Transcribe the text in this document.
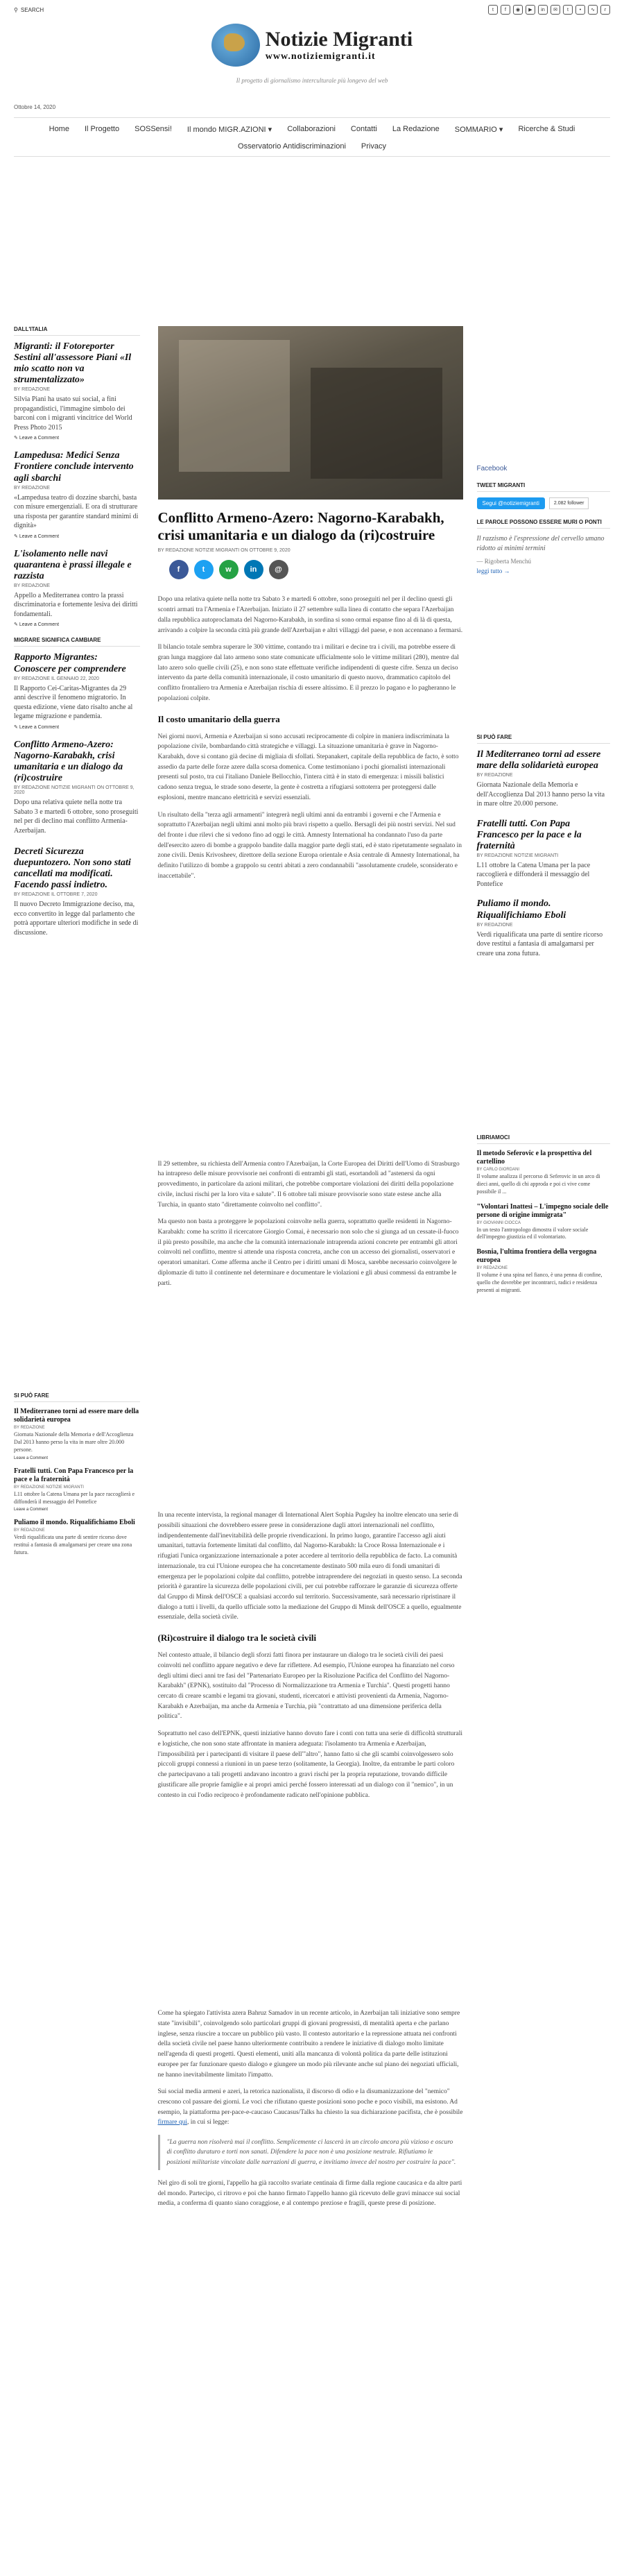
⚲ SEARCH	t	f	◉	▶	in	✉	t	•	∿	r
Notizie Migranti
www.notiziemigranti.it
Il progetto di giornalismo interculturale più longevo del web
Ottobre 14, 2020
Home Il Progetto SOSSensi! Il mondo MIGR.AZIONI ▾ Collaborazioni Contatti La Redazione SOMMARIO ▾ Ricerche & Studi
Osservatorio Antidiscriminazioni Privacy
DALL'ITALIA
Migranti: il Fotoreporter Sestini all'assessore Piani «Il mio scatto non va strumentalizzato»
BY REDAZIONE

Silvia Piani ha usato sui social, a fini propagandistici, l'immagine simbolo dei barconi con i migranti vincitrice del World Press Photo 2015

✎ Leave a Comment
Lampedusa: Medici Senza Frontiere conclude intervento agli sbarchi
BY REDAZIONE

«Lampedusa teatro di dozzine sbarchi, basta con misure emergenziali. E ora di strutturare una risposta per garantire standard minimi di dignità»

✎ Leave a Comment
L'isolamento nelle navi quarantena è prassi illegale e razzista
BY REDAZIONE

Appello a Mediterranea contro la prassi discriminatoria e fortemente lesiva dei diritti fondamentali.

✎ Leave a Comment
MIGRARE SIGNIFICA CAMBIARE
Rapporto Migrantes: Conoscere per comprendere
BY REDAZIONE IL GENNAIO 22, 2020

Il Rapporto Cei-Caritas-Migrantes da 29 anni descrive il fenomeno migratorio. In questa edizione, viene dato risalto anche al legame migrazione e pandemia.

✎ Leave a Comment
Conflitto Armeno-Azero: Nagorno-Karabakh, crisi umanitaria e un dialogo da (ri)costruire
BY REDAZIONE NOTIZIE MIGRANTI ON OTTOBRE 9, 2020

Dopo una relativa quiete nella notte tra Sabato 3 e martedì 6 ottobre, sono proseguiti nel per di declino mai conflitto Armenia-Azerbaijan.

Decreti Sicurezza duepuntozero. Non sono stati cancellati ma modificati. Facendo passi indietro.
BY REDAZIONE IL OTTOBRE 7, 2020

Il nuovo Decreto Immigrazione deciso, ma, ecco convertito in legge dal parlamento che potrà apportare ulteriori modifiche in sede di discussione.

SI PUÒ FARE
Il Mediterraneo torni ad essere mare della solidarietà europea
BY REDAZIONE

Giornata Nazionale della Memoria e dell'Accoglienza Dal 2013 hanno perso la vita in mare oltre 20.000 persone.

Leave a Comment
Fratelli tutti. Con Papa Francesco per la pace e la fraternità
BY REDAZIONE NOTIZIE MIGRANTI

L11 ottobre la Catena Umana per la pace raccoglierà e diffonderà il messaggio del Pontefice

Leave a Comment
Puliamo il mondo. Riqualifichiamo Eboli
BY REDAZIONE

Verdi riqualificata una parte di sentire ricorso dove restituì a fantasia di amalgamarsi per creare una zona futura.

Conflitto Armeno-Azero: Nagorno-Karabakh, crisi umanitaria e un dialogo da (ri)costruire
BY REDAZIONE NOTIZIE MIGRANTI ON OTTOBRE 9, 2020
f	t	w	in	@

Dopo una relativa quiete nella notte tra Sabato 3 e martedì 6 ottobre, sono proseguiti nel per il declino questi gli scontri armati tra l'Armenia e l'Azerbaijan. Iniziato il 27 settembre sulla linea di contatto che separa l'Azerbaijan dalla repubblica autoproclamata del Nagorno-Karabakh, in sordina si sono ormai espanse fino al di là di questa, arrivando a colpire la seconda città più grande dell'Azerbaijan e altri villaggi del paese, e non accennano a fermarsi.

Il bilancio totale sembra superare le 300 vittime, contando tra i militari e decine tra i civili, ma potrebbe essere di gran lunga maggiore dal lato armeno sono state comunicate ufficialmente solo le vittime militari (280), mentre dal lato azero solo quelle civili (25), e non sono state effettuate verifiche indipendenti di queste cifre. Senza un deciso intervento da parte della comunità internazionale, il costo umanitario di questo nuovo, drammatico capitolo del conflitto frontaliero tra Armenia e Azerbaijan rischia di essere altissimo. E il prezzo lo pagano e lo pagheranno le popolazioni colpite.

Il costo umanitario della guerra

Nei giorni nuovi, Armenia e Azerbaijan si sono accusati reciprocamente di colpire in maniera indiscriminata la popolazione civile, bombardando città strategiche e villaggi. La situazione umanitaria è grave in Nagorno-Karabakh, dove si contano già decine di migliaia di sfollati. Stepanakert, capitale della repubblica de facto, è sotto assedio da parte delle forze azere dalla scorsa domenica. Come testimoniano i pochi giornalisti internazionali presenti sul posto, tra cui l'italiano Daniele Bellocchio, l'intera città è in stato di emergenza: i missili balistici cadono senza tregua, le strade sono deserte, la gente è costretta a rifugiarsi sottoterra per proteggersi dalle esplosioni, mentre mancano elettricità e servizi essenziali.

Un risultato della "terza agli armamenti" integrerà negli ultimi anni da entrambi i governi e che l'Armenia e soprattutto l'Azerbaijan negli ultimi anni molto più bravi rispetto a quello. Bersagli dei più nostri servizi. Nel sud del fronte i due rilevi che si vedono fino ad oggi le città. Amnesty International ha condannato l'uso da parte dell'esercito azero di bombe a grappolo bandite dalla maggior parte degli stati, ed è stato ripetutamente segnalato in zone civili. Denis Krivosheev, direttore della sezione Europa orientale e Asia centrale di Amnesty International, ha definito l'utilizzo di bombe a grappolo su centri abitati a zero condannabili "assolutamente crudele, sconsiderato e inaccettabile".

Il 29 settembre, su richiesta dell'Armenia contro l'Azerbaijan, la Corte Europea dei Diritti dell'Uomo di Strasburgo ha intrapreso delle misure provvisorie nei confronti di entrambi gli stati, esortandoli ad "astenersi da ogni provvedimento, in particolare da azioni militari, che potrebbe comportare violazioni dei diritti della popolazione civile, inclusi rischi per la loro vita e salute". Il 6 ottobre tali misure provvisorie sono state estese anche alla Turchia, in quanto stato "direttamente coinvolto nel conflitto".

Ma questo non basta a proteggere le popolazioni coinvolte nella guerra, soprattutto quelle residenti in Nagorno-Karabakh: come ha scritto il ricercatore Giorgio Comai, è necessario non solo che si giunga ad un cessate-il-fuoco il più presto possibile, ma anche che la comunità internazionale intraprenda azioni concrete per entrambi gli attori coinvolti nel conflitto, mentre si attende una risposta concreta, anche con un accesso dei giornalisti, osservatori e operatori umanitari. Come afferma anche il Centro per i diritti umani di Mosca, sarebbe necessario coinvolgere le diplomazie di tutto il continente nel determinare e documentare le violazioni e gli abusi commessi da entrambe le parti.

In una recente intervista, la regional manager di International Alert Sophia Pugsley ha inoltre elencato una serie di possibili situazioni che dovrebbero essere prese in considerazione dagli attori internazionali nel conflitto, indipendentemente dall'inevitabilità delle proprie rivendicazioni. In primo luogo, garantire l'accesso agli aiuti umanitari, tuttavia fortemente limitati dal conflitto, dal Nagorno-Karabakh: la Croce Rossa Internazionale e i rifugiati l'unica organizzazione internazionale a poter accedere al territorio della repubblica de facto. La comunità internazionale, tra cui l'Unione europea che ha concretamente destinato 500 mila euro di fondi umanitari di emergenza per le popolazioni colpite dal conflitto, potrebbe intraprendere dei negoziati in questo senso. La seconda priorità è garantire la sicurezza delle popolazioni civili, per cui potrebbe rafforzare le garanzie di sicurezza offerte dal Gruppo di Minsk dell'OSCE a qualsiasi accordo sul territorio. Successivamente, sarà necessario ripristinare il dialogo a tutti i livelli, da quello ufficiale sotto la mediazione del Gruppo di Minsk dell'OSCE a quello, egualmente essenziale, della società civile.

(Ri)costruire il dialogo tra le società civili

Nel contesto attuale, il bilancio degli sforzi fatti finora per instaurare un dialogo tra le società civili dei paesi coinvolti nel conflitto appare negativo e deve far riflettere. Ad esempio, l'Unione europea ha finanziato nel corso degli ultimi dieci anni tre fasi del "Partenariato Europeo per la Risoluzione Pacifica del Conflitto del Nagorno-Karabakh" (EPNK), sostituito dal "Processo di Normalizzazione tra Armenia e Turchia". Questi progetti hanno cercato di creare scambi e legami tra giovani, studenti, ricercatori e attivisti provenienti da Armenia, Nagorno-Karabakh e Azerbaijan, ma anche da Armenia e Turchia, più "contrattato ad una dimensione periferica della politica".

Soprattutto nel caso dell'EPNK, questi iniziative hanno dovuto fare i conti con tutta una serie di difficoltà strutturali e logistiche, che non sono state affrontate in maniera adeguata: l'isolamento tra Armenia e Azerbaijan, l'impossibilità per i partecipanti di visitare il paese dell'"altro", hanno fatto sì che gli scambi coinvolgessero solo piccoli gruppi connessi a riunioni in un paese terzo (solitamente, la Georgia). Inoltre, da entrambe le parti coloro che partecipavano a tali progetti andavano incontro a gravi rischi per la propria reputazione, trovando difficile giustificare alle proprie famiglie e ai propri amici perché fossero interessati ad un dialogo con il "nemico", in un contesto in cui l'odio reciproco è profondamente radicato nell'opinione pubblica.

Come ha spiegato l'attivista azera Bahruz Samadov in un recente articolo, in Azerbaijan tali iniziative sono sempre state "invisibili", coinvolgendo solo particolari gruppi di giovani progressisti, di mentalità aperta e che parlano inglese, senza riuscire a toccare un pubblico più vasto. Il contesto autoritario e la repressione attuata nei confronti della società civile nel paese hanno ulteriormente contribuito a rendere le iniziative di dialogo molto limitate nell'agenda di questi progetti. Questi elementi, uniti alla mancanza di volontà politica da parte delle istituzioni europee per far funzionare questo dialogo e giungere un modo più rilevante anche sul piano dei negoziati ufficiali, ne hanno inevitabilmente limitato l'impatto.

Sui social media armeni e azeri, la retorica nazionalista, il discorso di odio e la disumanizzazione del "nemico" crescono col passare dei giorni. Le voci che rifiutano queste posizioni sono poche e poco visibili, ma esistono. Ad esempio, la piattaforma per-pace-e-caucaso Caucasus/Talks ha chiesto la sua dichiarazione pacifista, che è possibile firmare qui, in cui si legge:

"La guerra non risolverà mai il conflitto. Semplicemente ci lascerà in un circolo ancora più vizioso e oscuro di conflitto duraturo e torti non sanati. Difendere la pace non è una posizione neutrale. Rifiutiamo le posizioni militariste vincolate dalle narrazioni di guerra, e invitiamo invece del nostro per costruire la pace".

Nel giro di soli tre giorni, l'appello ha già raccolto svariate centinaia di firme dalla regione caucasica e da altre parti del mondo. Partecipo, ci ritrovo e poi che hanno firmato l'appello hanno già ricevuto delle gravi minacce sui social media, a conferma di quanto siano coraggiose, e al contempo preziose e fragili, queste prese di posizione.

Facebook
TWEET MIGRANTI
Segui @notiziemigranti	2.082 follower
LE PAROLE POSSONO ESSERE MURI O PONTI

Il razzismo è l'espressione del cervello umano ridotto ai minimi termini

— Rigoberta Menchú
leggi tutto →
SI PUÒ FARE
Il Mediterraneo torni ad essere mare della solidarietà europea
BY REDAZIONE

Giornata Nazionale della Memoria e dell'Accoglienza Dal 2013 hanno perso la vita in mare oltre 20.000 persone.

Fratelli tutti. Con Papa Francesco per la pace e la fraternità
BY REDAZIONE NOTIZIE MIGRANTI

L11 ottobre la Catena Umana per la pace raccoglierà e diffonderà il messaggio del Pontefice

Puliamo il mondo. Riqualifichiamo Eboli
BY REDAZIONE

Verdi riqualificata una parte di sentire ricorso dove restituì a fantasia di amalgamarsi per creare una zona futura.

LIBRIAMOCI
Il metodo Seferovic e la prospettiva del cartellino
BY CARLO GIORDANI

Il volume analizza il percorso di Seferovic in un arco di dieci anni, quello di chi approda e poi ci vive come possibile il ...

"Volontari Inattesi – L'impegno sociale delle persone di origine immigrata"
BY GIOVANNI CIOCCA

In un testo l'antropologo dimostra il valore sociale dell'impegno giustizia ed il volontariato.

Bosnia, l'ultima frontiera della vergogna europea
BY REDAZIONE

Il volume è una spina nel fianco, è una penna di confine, quello che dovrebbe per incontrarci, radici e residenza presenti ai migranti.
